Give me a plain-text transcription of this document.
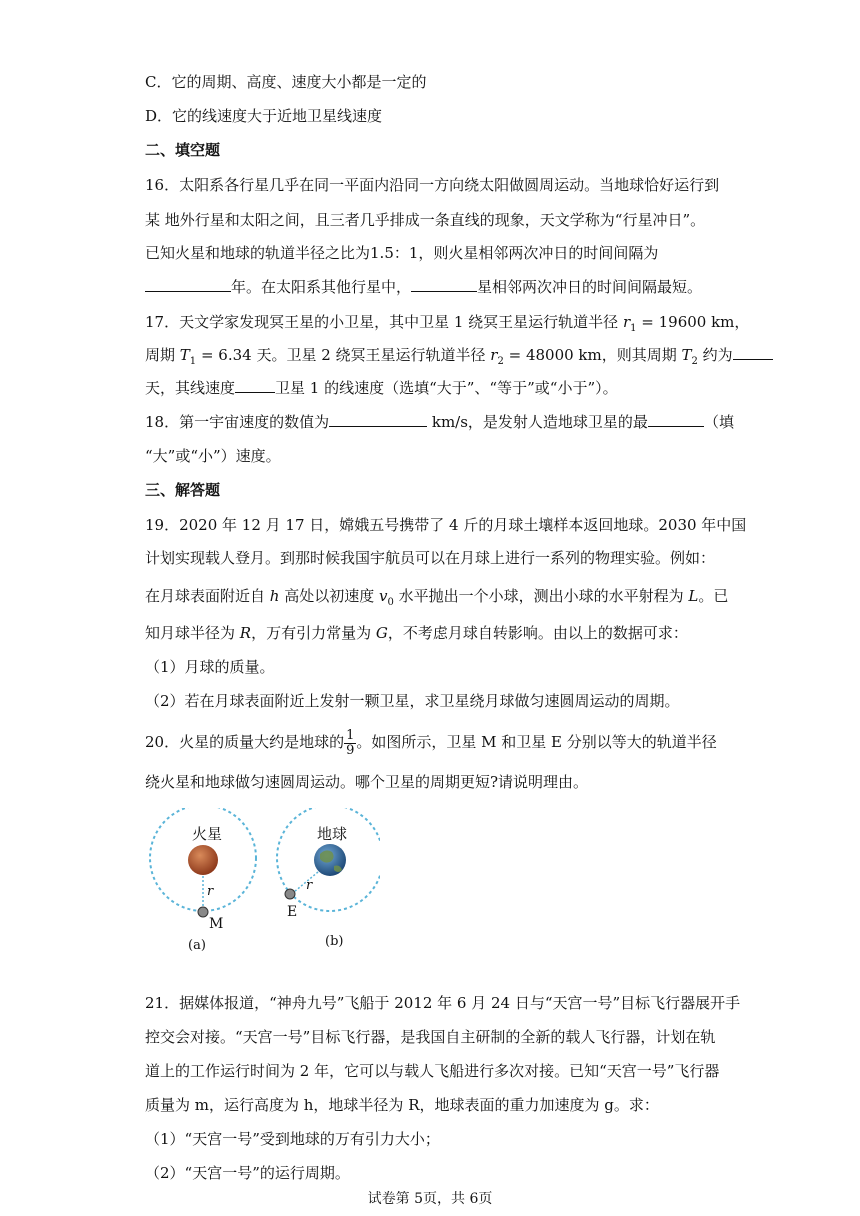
C．它的周期、高度、速度大小都是一定的
D．它的线速度大于近地卫星线速度
二、填空题
16．太阳系各行星几乎在同一平面内沿同一方向绕太阳做圆周运动。当地球恰好运行到
某 地外行星和太阳之间，且三者几乎排成一条直线的现象，天文学称为“行星冲日”。
已知火星和地球的轨道半径之比为1.5：1，则火星相邻两次冲日的时间间隔为
年。在太阳系其他行星中，	星相邻两次冲日的时间间隔最短。
17．天文学家发现冥王星的小卫星，其中卫星 1 绕冥王星运行轨道半径 $r_1 = 19600$ km，
周期 $T_1 = 6.34$ 天。卫星 2 绕冥王星运行轨道半径 $r_2 = 48000$ km，则其周期 $T_2$ 约为
天，其线速度	卫星 1 的线速度（选填“大于”、“等于”或“小于”）。
18．第一宇宙速度的数值为	km/s，是发射人造地球卫星的最	（填
“大”或“小”）速度。
三、解答题
19．2020 年 12 月 17 日，嫦娥五号携带了 4 斤的月球土壤样本返回地球。2030 年中国
计划实现载人登月。到那时候我国宇航员可以在月球上进行一系列的物理实验。例如：
在月球表面附近自 h 高处以初速度 $v_0$ 水平抛出一个小球，测出小球的水平射程为 L。已
知月球半径为 R，万有引力常量为 G，不考虑月球自转影响。由以上的数据可求：
（1）月球的质量。
（2）若在月球表面附近上发射一颗卫星，求卫星绕月球做匀速圆周运动的周期。
20．火星的质量大约是地球的 $\frac{1}{9}$ 。如图所示，卫星 M 和卫星 E 分别以等大的轨道半径
绕火星和地球做匀速圆周运动。哪个卫星的周期更短?请说明理由。
火星
r
M
(a)
地球
r
E
(b)
21．据媒体报道，“神舟九号”飞船于 2012 年 6 月 24 日与“天宫一号”目标飞行器展开手
控交会对接。“天宫一号”目标飞行器，是我国自主研制的全新的载人飞行器，计划在轨
道上的工作运行时间为 2 年，它可以与载人飞船进行多次对接。已知“天宫一号”飞行器
质量为 m，运行高度为 h，地球半径为 R，地球表面的重力加速度为 g。求：
（1）“天宫一号”受到地球的万有引力大小；
（2）“天宫一号”的运行周期。
试卷第 5页，共 6页
